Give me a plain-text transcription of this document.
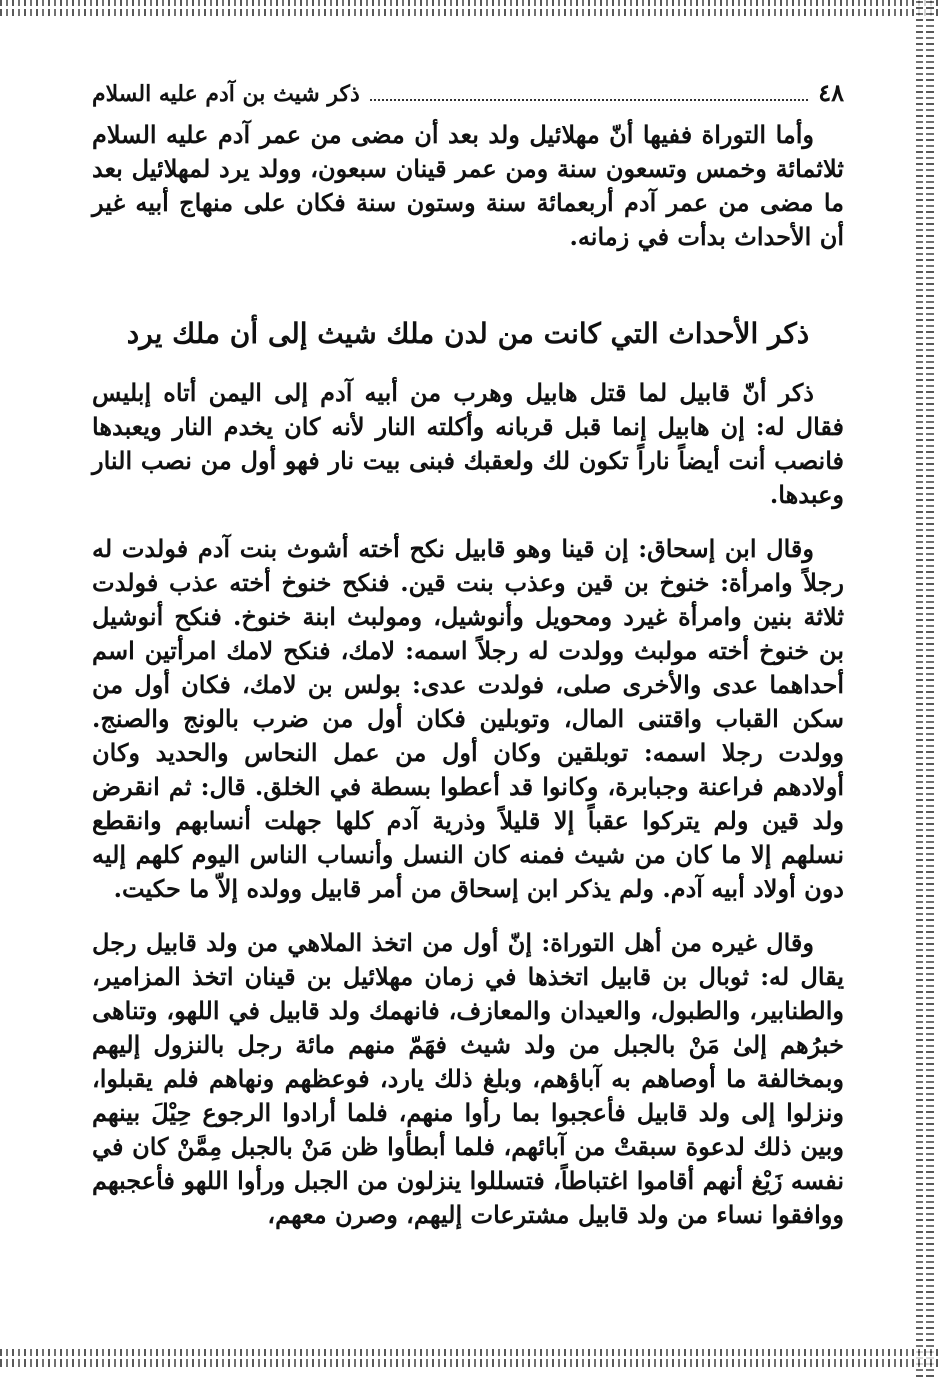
٤٨
ذكر شيث بن آدم عليه السلام

وأما التوراة ففيها أنّ مهلائيل ولد بعد أن مضى من عمر آدم عليه السلام ثلاثمائة وخمس وتسعون سنة ومن عمر قينان سبعون، وولد يرد لمهلائيل بعد ما مضى من عمر آدم أربعمائة سنة وستون سنة فكان على منهاج أبيه غير أن الأحداث بدأت في زمانه.

ذكر الأحداث التي كانت من لدن ملك شيث إلى أن ملك يرد

ذكر أنّ قابيل لما قتل هابيل وهرب من أبيه آدم إلى اليمن أتاه إبليس فقال له: إن هابيل إنما قبل قربانه وأكلته النار لأنه كان يخدم النار ويعبدها فانصب أنت أيضاً ناراً تكون لك ولعقبك فبنى بيت نار فهو أول من نصب النار وعبدها.

وقال ابن إسحاق: إن قينا وهو قابيل نكح أخته أشوث بنت آدم فولدت له رجلاً وامرأة: خنوخ بن قين وعذب بنت قين. فنكح خنوخ أخته عذب فولدت ثلاثة بنين وامرأة غيرد ومحويل وأنوشيل، ومولبث ابنة خنوخ. فنكح أنوشيل بن خنوخ أخته مولبث وولدت له رجلاً اسمه: لامك، فنكح لامك امرأتين اسم أحداهما عدى والأخرى صلى، فولدت عدى: بولس بن لامك، فكان أول من سكن القباب واقتنى المال، وتوبلين فكان أول من ضرب بالونج والصنج. وولدت رجلا اسمه: توبلقين وكان أول من عمل النحاس والحديد وكان أولادهم فراعنة وجبابرة، وكانوا قد أعطوا بسطة في الخلق. قال: ثم انقرض ولد قين ولم يتركوا عقباً إلا قليلاً وذرية آدم كلها جهلت أنسابهم وانقطع نسلهم إلا ما كان من شيث فمنه كان النسل وأنساب الناس اليوم كلهم إليه دون أولاد أبيه آدم. ولم يذكر ابن إسحاق من أمر قابيل وولده إلاّ ما حكيت.

وقال غيره من أهل التوراة: إنّ أول من اتخذ الملاهي من ولد قابيل رجل يقال له: ثوبال بن قابيل اتخذها في زمان مهلائيل بن قينان اتخذ المزامير، والطنابير، والطبول، والعيدان والمعازف، فانهمك ولد قابيل في اللهو، وتناهى خبرُهم إلىٰ مَنْ بالجبل من ولد شيث فهَمّ منهم مائة رجل بالنزول إليهم وبمخالفة ما أوصاهم به آباؤهم، وبلغ ذلك يارد، فوعظهم ونهاهم فلم يقبلوا، ونزلوا إلى ولد قابيل فأعجبوا بما رأوا منهم، فلما أرادوا الرجوع حِيْلَ بينهم وبين ذلك لدعوة سبقتْ من آبائهم، فلما أبطأوا ظن مَنْ بالجبل مِمَّنْ كان في نفسه زَيْغ أنهم أقاموا اغتباطاً، فتسللوا ينزلون من الجبل ورأوا اللهو فأعجبهم ووافقوا نساء من ولد قابيل مشترعات إليهم، وصرن معهم،
